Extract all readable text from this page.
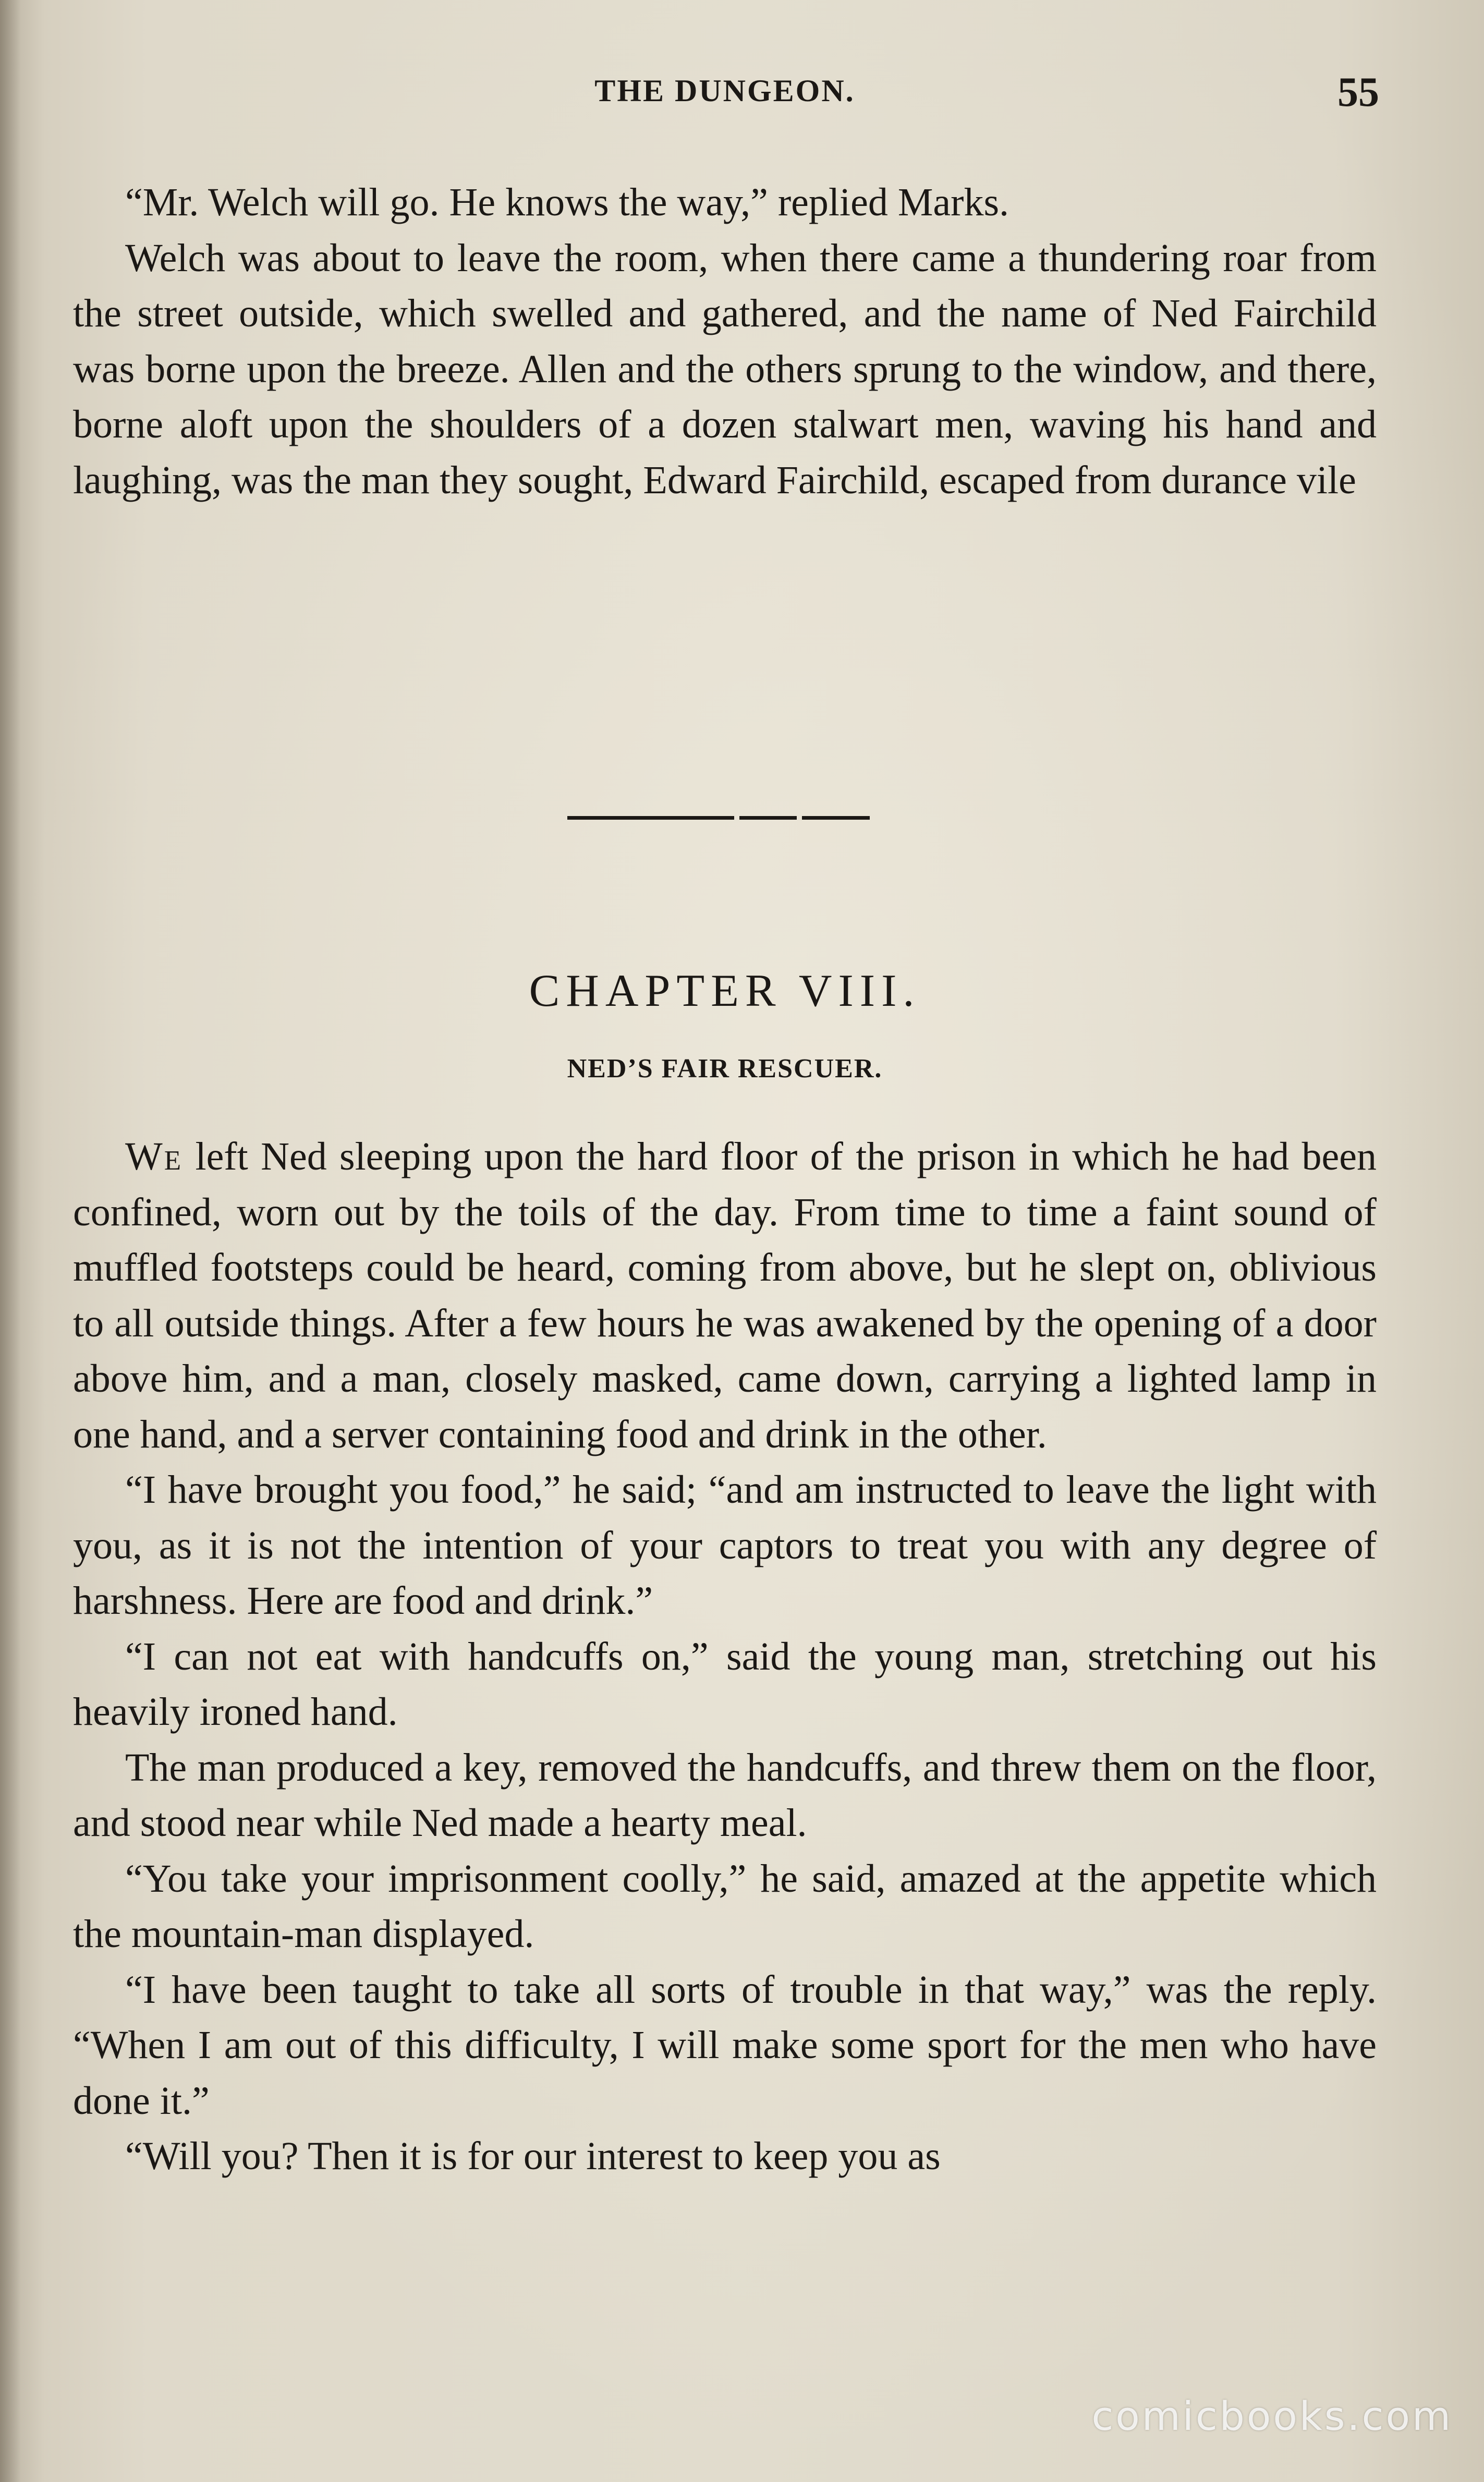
THE DUNGEON.	55

“Mr. Welch will go. He knows the way,” replied Marks.

Welch was about to leave the room, when there came a thundering roar from the street outside, which swelled and gathered, and the name of Ned Fairchild was borne upon the breeze. Allen and the others sprung to the window, and there, borne aloft upon the shoulders of a dozen stalwart men, waving his hand and laughing, was the man they sought, Edward Fairchild, escaped from durance vile

CHAPTER VIII.
NED’S FAIR RESCUER.

We left Ned sleeping upon the hard floor of the prison in which he had been confined, worn out by the toils of the day. From time to time a faint sound of muffled footsteps could be heard, coming from above, but he slept on, oblivious to all outside things. After a few hours he was awakened by the opening of a door above him, and a man, closely masked, came down, carrying a lighted lamp in one hand, and a server containing food and drink in the other.

“I have brought you food,” he said; “and am instructed to leave the light with you, as it is not the intention of your captors to treat you with any degree of harshness. Here are food and drink.”

“I can not eat with handcuffs on,” said the young man, stretching out his heavily ironed hand.

The man produced a key, removed the handcuffs, and threw them on the floor, and stood near while Ned made a hearty meal.

“You take your imprisonment coolly,” he said, amazed at the appetite which the mountain-man displayed.

“I have been taught to take all sorts of trouble in that way,” was the reply. “When I am out of this difficulty, I will make some sport for the men who have done it.”

“Will you? Then it is for our interest to keep you as

comicbooks.com
